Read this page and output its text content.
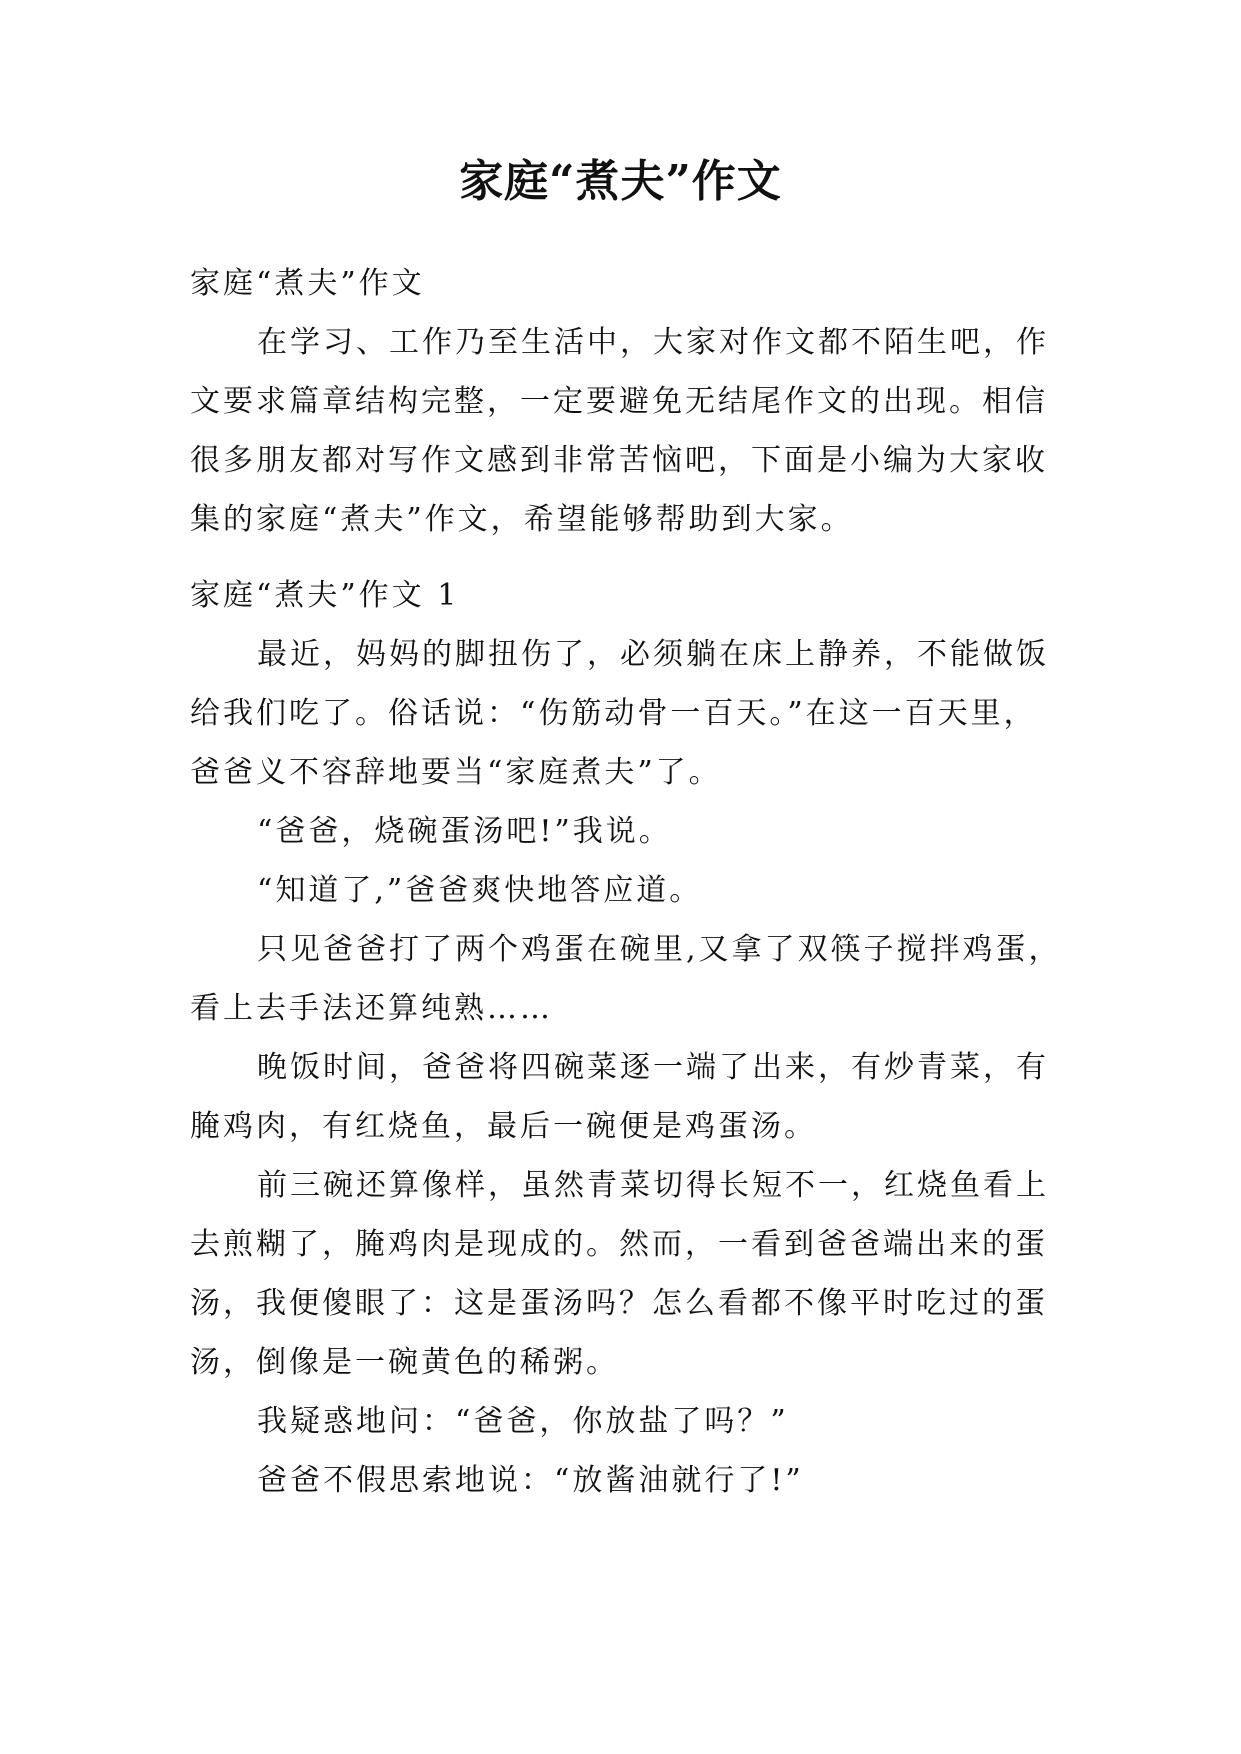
家庭“煮夫”作文
家庭“煮夫”作文
在学习、工作乃至生活中，大家对作文都不陌生吧，作
文要求篇章结构完整，一定要避免无结尾作文的出现。相信
很多朋友都对写作文感到非常苦恼吧，下面是小编为大家收
集的家庭“煮夫”作文，希望能够帮助到大家。
家庭“煮夫”作文 1
最近，妈妈的脚扭伤了，必须躺在床上静养，不能做饭
给我们吃了。俗话说：“伤筋动骨一百天。”在这一百天里，
爸爸义不容辞地要当“家庭煮夫”了。
“爸爸，烧碗蛋汤吧!”我说。
“知道了,”爸爸爽快地答应道。
只见爸爸打了两个鸡蛋在碗里,又拿了双筷子搅拌鸡蛋，
看上去手法还算纯熟……
晚饭时间，爸爸将四碗菜逐一端了出来，有炒青菜，有
腌鸡肉，有红烧鱼，最后一碗便是鸡蛋汤。
前三碗还算像样，虽然青菜切得长短不一，红烧鱼看上
去煎糊了，腌鸡肉是现成的。然而，一看到爸爸端出来的蛋
汤，我便傻眼了：这是蛋汤吗？怎么看都不像平时吃过的蛋
汤，倒像是一碗黄色的稀粥。
我疑惑地问：“爸爸，你放盐了吗？”
爸爸不假思索地说：“放酱油就行了!”
